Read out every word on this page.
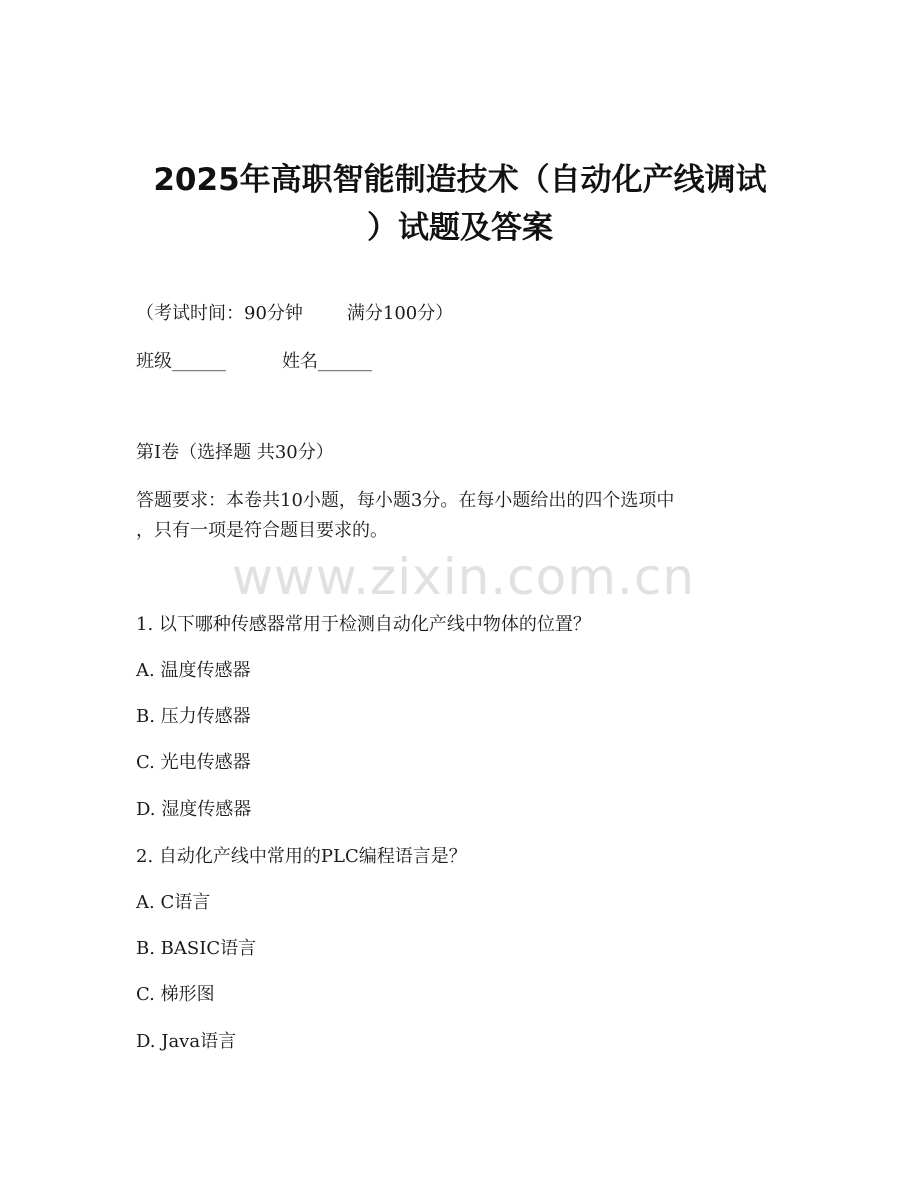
2025年高职智能制造技术（自动化产线调试
）试题及答案
（考试时间：90分钟 满分100分）
班级______	姓名______
第I卷（选择题 共30分）
答题要求：本卷共10小题，每小题3分。在每小题给出的四个选项中
，只有一项是符合题目要求的。
www.zixin.com.cn
1. 以下哪种传感器常用于检测自动化产线中物体的位置？
A. 温度传感器
B. 压力传感器
C. 光电传感器
D. 湿度传感器
2. 自动化产线中常用的PLC编程语言是？
A. C语言
B. BASIC语言
C. 梯形图
D. Java语言
